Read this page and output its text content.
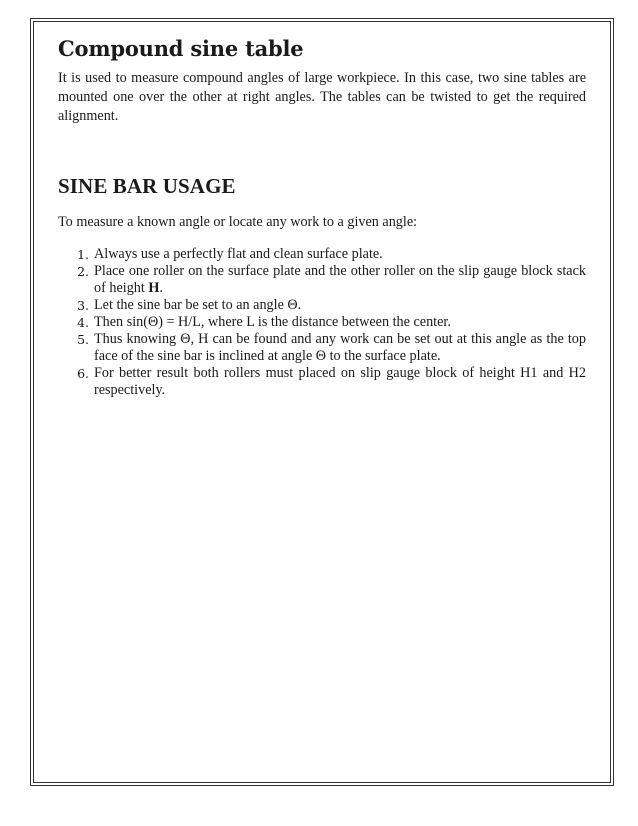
Compound sine table

It is used to measure compound angles of large workpiece. In this case, two sine tables are mounted one over the other at right angles. The tables can be twisted to get the required alignment.

SINE BAR USAGE

To measure a known angle or locate any work to a given angle:

1. Always use a perfectly flat and clean surface plate.
2. Place one roller on the surface plate and the other roller on the slip gauge block stack of height H.
3. Let the sine bar be set to an angle Θ.
4. Then sin(Θ) = H/L, where L is the distance between the center.
5. Thus knowing Θ, H can be found and any work can be set out at this angle as the top face of the sine bar is inclined at angle Θ to the surface plate.
6. For better result both rollers must placed on slip gauge block of height H1 and H2 respectively.
